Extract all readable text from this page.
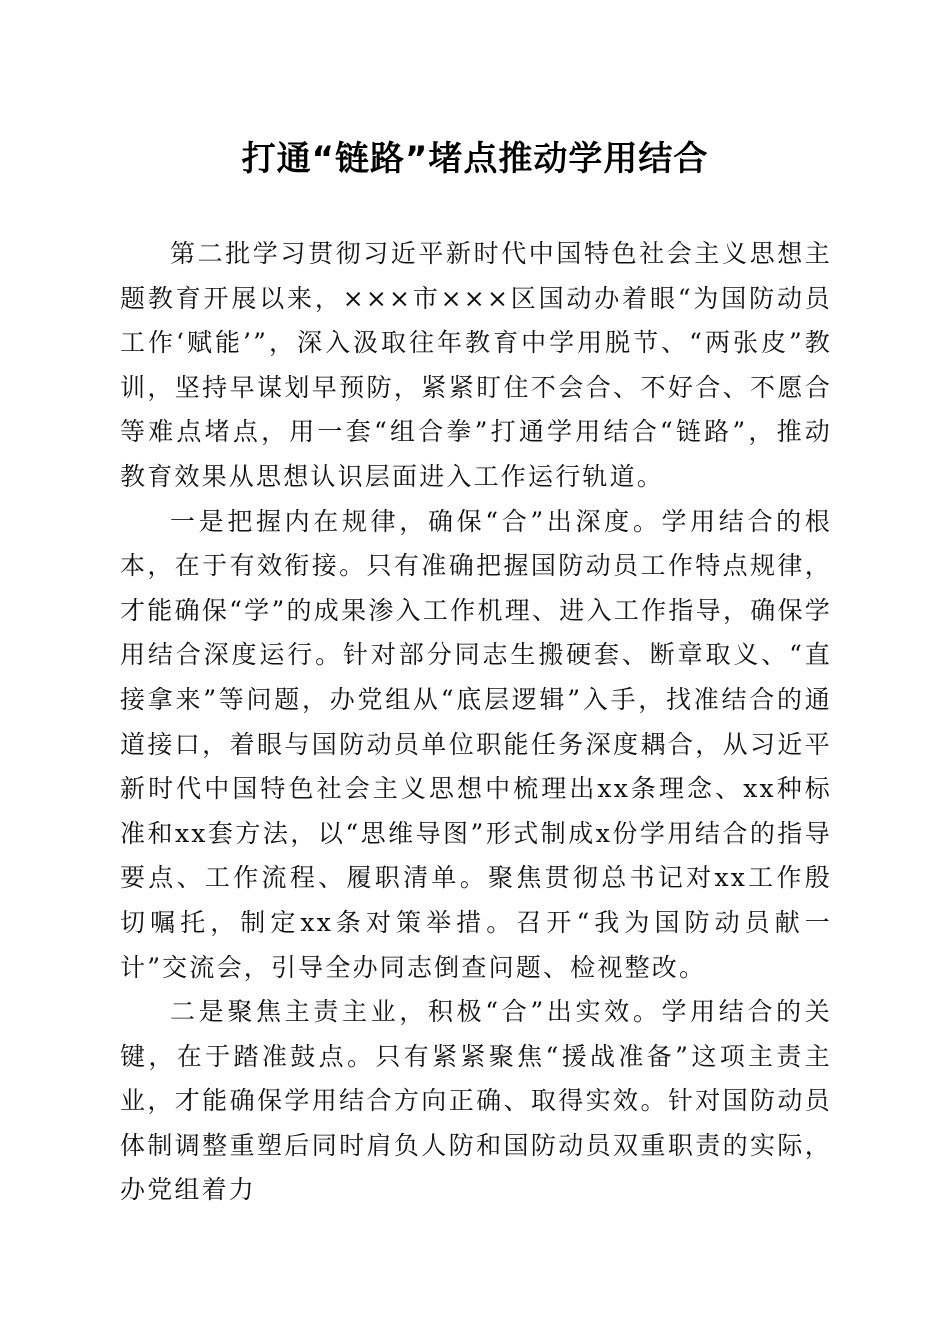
打通“链路”堵点推动学用结合

第二批学习贯彻习近平新时代中国特色社会主义思想主题教育开展以来，×××市×××区国动办着眼“为国防动员工作‘赋能’”，深入汲取往年教育中学用脱节、“两张皮”教训，坚持早谋划早预防，紧紧盯住不会合、不好合、不愿合等难点堵点，用一套“组合拳”打通学用结合“链路”，推动教育效果从思想认识层面进入工作运行轨道。

一是把握内在规律，确保“合”出深度。学用结合的根本，在于有效衔接。只有准确把握国防动员工作特点规律，才能确保“学”的成果渗入工作机理、进入工作指导，确保学用结合深度运行。针对部分同志生搬硬套、断章取义、“直接拿来”等问题，办党组从“底层逻辑”入手，找准结合的通道接口，着眼与国防动员单位职能任务深度耦合，从习近平新时代中国特色社会主义思想中梳理出xx条理念、xx种标准和xx套方法，以“思维导图”形式制成x份学用结合的指导要点、工作流程、履职清单。聚焦贯彻总书记对xx工作殷切嘱托，制定xx条对策举措。召开“我为国防动员献一计”交流会，引导全办同志倒查问题、检视整改。

二是聚焦主责主业，积极“合”出实效。学用结合的关键，在于踏准鼓点。只有紧紧聚焦“援战准备”这项主责主业，才能确保学用结合方向正确、取得实效。针对国防动员体制调整重塑后同时肩负人防和国防动员双重职责的实际，办党组着力
